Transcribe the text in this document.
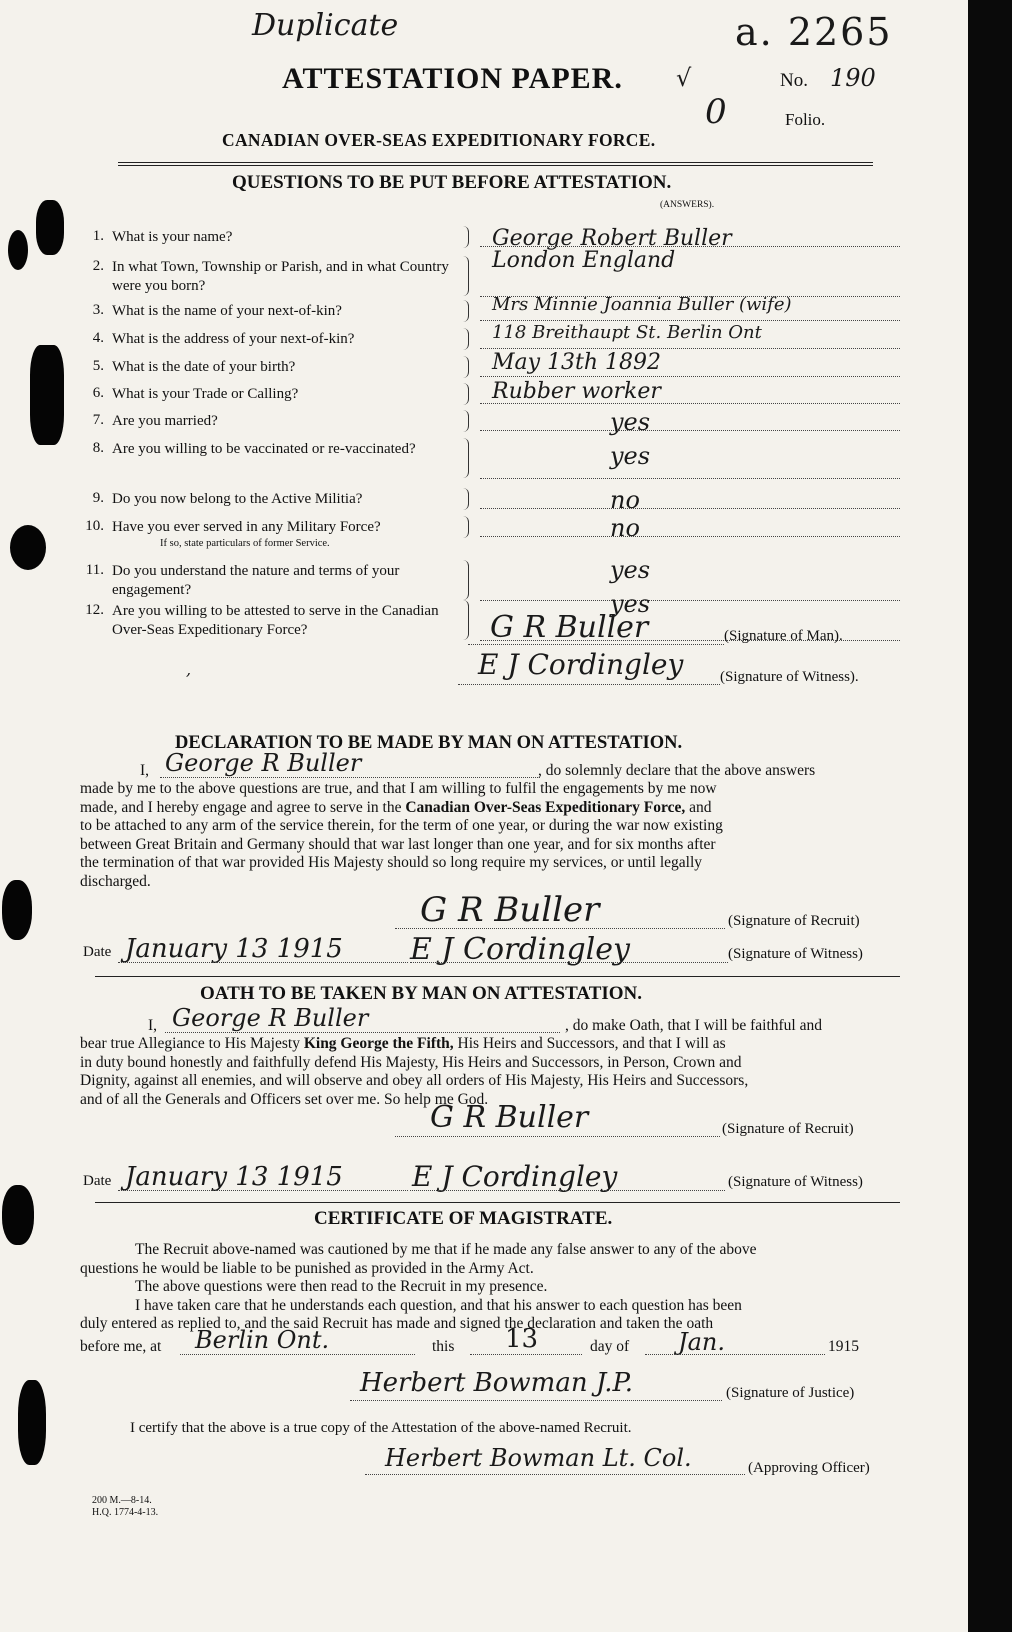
Duplicate	a. 2265
ATTESTATION PAPER. √
0
No. 190
Folio.
CANADIAN OVER-SEAS EXPEDITIONARY FORCE.
QUESTIONS TO BE PUT BEFORE ATTESTATION.
(ANSWERS).
1. What is your name?	George Robert Buller
2. In what Town, Township or Parish, and in what Country were you born?
London England
3. What is the name of your next-of-kin?	Mrs Minnie Joannia Buller (wife)
4. What is the address of your next-of-kin?	118 Breithaupt St. Berlin Ont
5. What is the date of your birth?	May 13th 1892
6. What is your Trade or Calling?	Rubber worker
7. Are you married?	yes
8. Are you willing to be vaccinated or re-vaccinated?	yes
9. Do you now belong to the Active Militia?	no
10. Have you ever served in any Military Force?
If so, state particulars of former Service.
no
11. Do you understand the nature and terms of your engagement?
yes
12. Are you willing to be attested to serve in the Canadian Over-Seas Expeditionary Force?
yes
G R Buller	(Signature of Man).
E J Cordingley (Signature of Witness).
,
DECLARATION TO BE MADE BY MAN ON ATTESTATION.
I, George R Buller	, do solemnly declare that the above answers
made by me to the above questions are true, and that I am willing to fulfil the engagements by me now
made, and I hereby engage and agree to serve in the Canadian Over-Seas Expeditionary Force, and
to be attached to any arm of the service therein, for the term of one year, or during the war now existing
between Great Britain and Germany should that war last longer than one year, and for six months after
the termination of that war provided His Majesty should so long require my services, or until legally
discharged.
G R Buller	(Signature of Recruit)
Date January 13 1915 E J Cordingley	(Signature of Witness)
OATH TO BE TAKEN BY MAN ON ATTESTATION.
I, George R Buller	, do make Oath, that I will be faithful and
bear true Allegiance to His Majesty King George the Fifth, His Heirs and Successors, and that I will as
in duty bound honestly and faithfully defend His Majesty, His Heirs and Successors, in Person, Crown and
Dignity, against all enemies, and will observe and obey all orders of His Majesty, His Heirs and Successors,
and of all the Generals and Officers set over me. So help me God.
G R Buller	(Signature of Recruit)
Date January 13 1915 E J Cordingley	(Signature of Witness)
CERTIFICATE OF MAGISTRATE.
The Recruit above-named was cautioned by me that if he made any false answer to any of the above
questions he would be liable to be punished as provided in the Army Act.
The above questions were then read to the Recruit in my presence.
I have taken care that he understands each question, and that his answer to each question has been
duly entered as replied to, and the said Recruit has made and signed the declaration and taken the oath
before me, at Berlin Ont.	this 13	day of Jan.	1915
Herbert Bowman J.P.	(Signature of Justice)
I certify that the above is a true copy of the Attestation of the above-named Recruit.
Herbert Bowman Lt. Col.	(Approving Officer)
200 M.—8-14.
H.Q. 1774-4-13.
